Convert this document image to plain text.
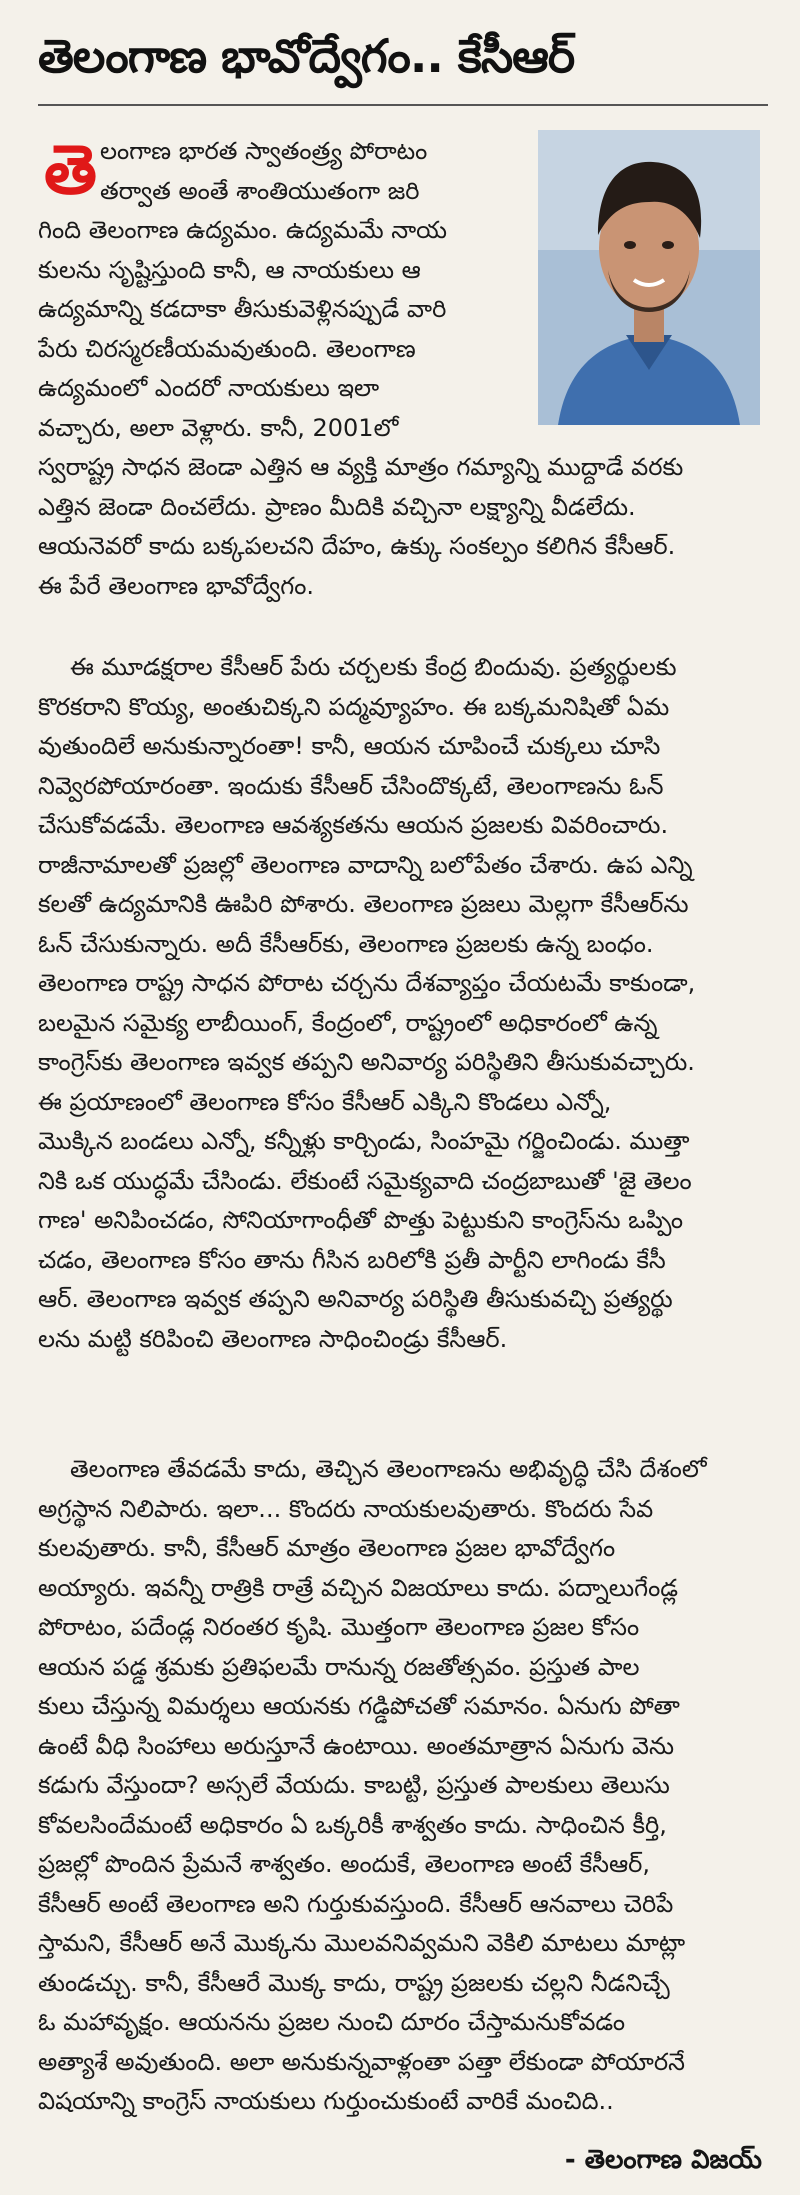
తెలంగాణ భావోద్వేగం.. కేసీఆర్
తె లంగాణ భారత స్వాతంత్ర్య పోరాటం
తర్వాత అంతే శాంతియుతంగా జరి
గింది తెలంగాణ ఉద్యమం. ఉద్యమమే నాయ
కులను సృష్టిస్తుంది కానీ, ఆ నాయకులు ఆ
ఉద్యమాన్ని కడదాకా తీసుకువెళ్లినప్పుడే వారి
పేరు చిరస్మరణీయమవుతుంది. తెలంగాణ
ఉద్యమంలో ఎందరో నాయకులు ఇలా
వచ్చారు, అలా వెళ్లారు. కానీ, 2001లో
స్వరాష్ట్ర సాధన జెండా ఎత్తిన ఆ వ్యక్తి మాత్రం గమ్యాన్ని ముద్దాడే వరకు
ఎత్తిన జెండా దించలేదు. ప్రాణం మీదికి వచ్చినా లక్ష్యాన్ని వీడలేదు.
ఆయనెవరో కాదు బక్కపలచని దేహం, ఉక్కు సంకల్పం కలిగిన కేసీఆర్.
ఈ పేరే తెలంగాణ భావోద్వేగం.
ఈ మూడక్షరాల కేసీఆర్ పేరు చర్చలకు కేంద్ర బిందువు. ప్రత్యర్థులకు
కొరకరాని కొయ్య, అంతుచిక్కని పద్మవ్యూహం. ఈ బక్కమనిషితో ఏమ
వుతుందిలే అనుకున్నారంతా! కానీ, ఆయన చూపించే చుక్కలు చూసి
నివ్వెరపోయారంతా. ఇందుకు కేసీఆర్ చేసిందొక్కటే, తెలంగాణను ఓన్
చేసుకోవడమే. తెలంగాణ ఆవశ్యకతను ఆయన ప్రజలకు వివరించారు.
రాజీనామాలతో ప్రజల్లో తెలంగాణ వాదాన్ని బలోపేతం చేశారు. ఉప ఎన్ని
కలతో ఉద్యమానికి ఊపిరి పోశారు. తెలంగాణ ప్రజలు మెల్లగా కేసీఆర్‌ను
ఓన్ చేసుకున్నారు. అదీ కేసీఆర్‌కు, తెలంగాణ ప్రజలకు ఉన్న బంధం.
తెలంగాణ రాష్ట్ర సాధన పోరాట చర్చను దేశవ్యాప్తం చేయటమే కాకుండా,
బలమైన సమైక్య లాబీయింగ్, కేంద్రంలో, రాష్ట్రంలో అధికారంలో ఉన్న
కాంగ్రెస్‌కు తెలంగాణ ఇవ్వక తప్పని అనివార్య పరిస్థితిని తీసుకువచ్చారు.
ఈ ప్రయాణంలో తెలంగాణ కోసం కేసీఆర్ ఎక్కిని కొండలు ఎన్నో,
మొక్కిన బండలు ఎన్నో, కన్నీళ్లు కార్చిండు, సింహమై గర్జించిండు. ముత్తా
నికి ఒక యుద్ధమే చేసిండు. లేకుంటే సమైక్యవాది చంద్రబాబుతో 'జై తెలం
గాణ' అనిపించడం, సోనియాగాంధీతో పొత్తు పెట్టుకుని కాంగ్రెస్‌ను ఒప్పిం
చడం, తెలంగాణ కోసం తాను గీసిన బరిలోకి ప్రతీ పార్టీని లాగిండు కేసీ
ఆర్. తెలంగాణ ఇవ్వక తప్పని అనివార్య పరిస్థితి తీసుకువచ్చి ప్రత్యర్థు
లను మట్టి కరిపించి తెలంగాణ సాధించిండ్రు కేసీఆర్.
తెలంగాణ తేవడమే కాదు, తెచ్చిన తెలంగాణను అభివృద్ధి చేసి దేశంలో
అగ్రస్థాన నిలిపారు. ఇలా... కొందరు నాయకులవుతారు. కొందరు సేవ
కులవుతారు. కానీ, కేసీఆర్ మాత్రం తెలంగాణ ప్రజల భావోద్వేగం
అయ్యారు. ఇవన్నీ రాత్రికి రాత్రే వచ్చిన విజయాలు కాదు. పద్నాలుగేండ్ల
పోరాటం, పదేండ్ల నిరంతర కృషి. మొత్తంగా తెలంగాణ ప్రజల కోసం
ఆయన పడ్డ శ్రమకు ప్రతిఫలమే రానున్న రజతోత్సవం. ప్రస్తుత పాల
కులు చేస్తున్న విమర్శలు ఆయనకు గడ్డిపోచతో సమానం. ఏనుగు పోతా
ఉంటే వీధి సింహాలు అరుస్తూనే ఉంటాయి. అంతమాత్రాన ఏనుగు వెను
కడుగు వేస్తుందా? అస్సలే వేయదు. కాబట్టి, ప్రస్తుత పాలకులు తెలుసు
కోవలసిందేమంటే అధికారం ఏ ఒక్కరికీ శాశ్వతం కాదు. సాధించిన కీర్తి,
ప్రజల్లో పొందిన ప్రేమనే శాశ్వతం. అందుకే, తెలంగాణ అంటే కేసీఆర్,
కేసీఆర్ అంటే తెలంగాణ అని గుర్తుకువస్తుంది. కేసీఆర్ ఆనవాలు చెరిపే
స్తామని, కేసీఆర్ అనే మొక్కను మొలవనివ్వమని వెకిలి మాటలు మాట్లా
తుండచ్చు. కానీ, కేసీఆరే మొక్క కాదు, రాష్ట్ర ప్రజలకు చల్లని నీడనిచ్చే
ఓ మహావృక్షం. ఆయనను ప్రజల నుంచి దూరం చేస్తామనుకోవడం
అత్యాశే అవుతుంది. అలా అనుకున్నవాళ్లంతా పత్తా లేకుండా పోయారనే
విషయాన్ని కాంగ్రెస్ నాయకులు గుర్తుంచుకుంటే వారికే మంచిది..
- తెలంగాణ విజయ్
